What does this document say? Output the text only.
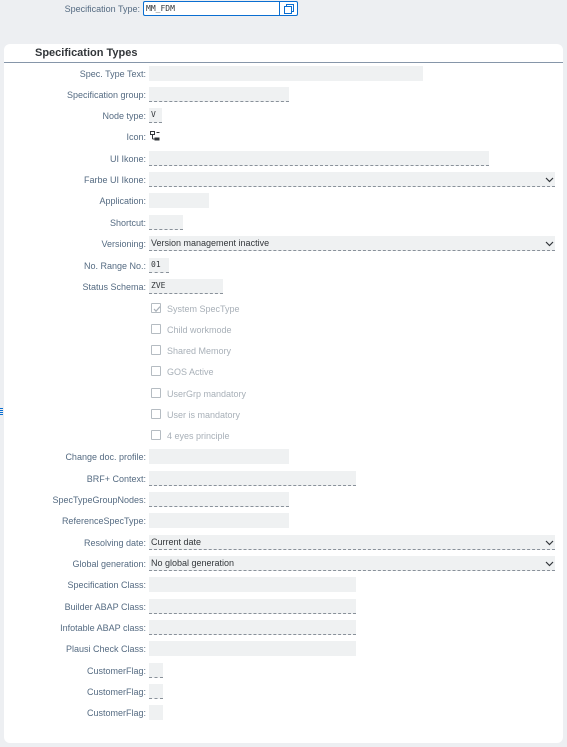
Specification Type: MM_FDM
Specification Types
Spec. Type Text:
Specification group:
Node type: V
Icon:
UI Ikone:
Farbe UI Ikone:
Application:
Shortcut:
Versioning: Version management inactive
No. Range No.: 01
Status Schema: ZVE
System SpecType
Child workmode
Shared Memory
GOS Active
UserGrp mandatory
User is mandatory
4 eyes principle
Change doc. profile:
BRF+ Context:
SpecTypeGroupNodes:
ReferenceSpecType:
Resolving date: Current date
Global generation: No global generation
Specification Class:
Builder ABAP Class:
Infotable ABAP class:
Plausi Check Class:
CustomerFlag:
CustomerFlag:
CustomerFlag:
